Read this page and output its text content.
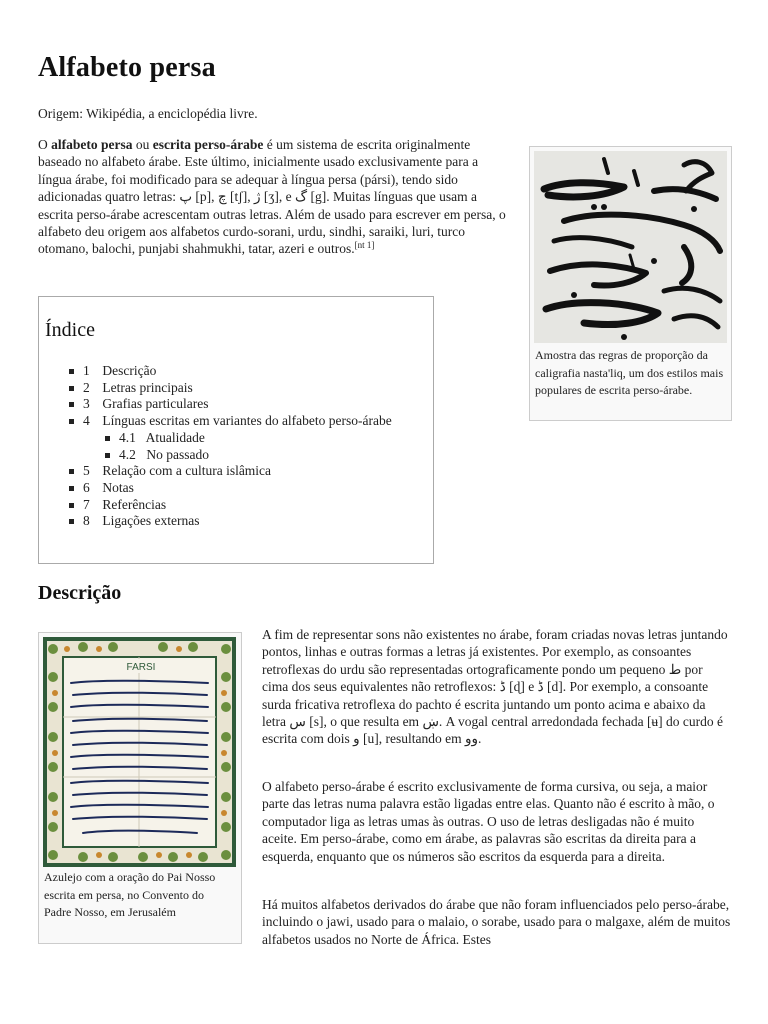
Alfabeto persa
Origem: Wikipédia, a enciclopédia livre.
O alfabeto persa ou escrita perso-árabe é um sistema de escrita originalmente baseado no alfabeto árabe. Este último, inicialmente usado exclusivamente para a língua árabe, foi modificado para se adequar à língua persa (pársi), tendo sido adicionadas quatro letras: پ [p], چ [tʃ], ژ [ʒ], e گ [g]. Muitas línguas que usam a escrita perso-árabe acrescentam outras letras. Além de usado para escrever em persa, o alfabeto deu origem aos alfabetos curdo-sorani, urdu, sindhi, saraiki, luri, turco otomano, balochi, punjabi shahmukhi, tatar, azeri e outros.[nt 1]
Amostra das regras de proporção da caligrafia nasta'liq, um dos estilos mais populares de escrita perso-árabe.
Índice
1 Descrição
2 Letras principais
3 Grafias particulares
4 Línguas escritas em variantes do alfabeto perso-árabe
4.1 Atualidade
4.2 No passado
5 Relação com a cultura islâmica
6 Notas
7 Referências
8 Ligações externas
Descrição
FARSI
Azulejo com a oração do Pai Nosso escrita em persa, no Convento do Padre Nosso, em Jerusalém

A fim de representar sons não existentes no árabe, foram criadas novas letras juntando pontos, linhas e outras formas a letras já existentes. Por exemplo, as consoantes retroflexas do urdu são representadas ortograficamente pondo um pequeno ط por cima dos seus equivalentes não retroflexos: ڈ [ɖ] e ڈ [d]. Por exemplo, a consoante surda fricativa retroflexa do pachto é escrita juntando um ponto acima e abaixo da letra س [s], o que resulta em ښ. A vogal central arredondada fechada [ʉ] do curdo é escrita com dois و [u], resultando em وو.

O alfabeto perso-árabe é escrito exclusivamente de forma cursiva, ou seja, a maior parte das letras numa palavra estão ligadas entre elas. Quanto não é escrito à mão, o computador liga as letras umas às outras. O uso de letras desligadas não é muito aceite. Em perso-árabe, como em árabe, as palavras são escritas da direita para a esquerda, enquanto que os números são escritos da esquerda para a direita.

Há muitos alfabetos derivados do árabe que não foram influenciados pelo perso-árabe, incluindo o jawi, usado para o malaio, o sorabe, usado para o malgaxe, além de muitos alfabetos usados no Norte de África. Estes
